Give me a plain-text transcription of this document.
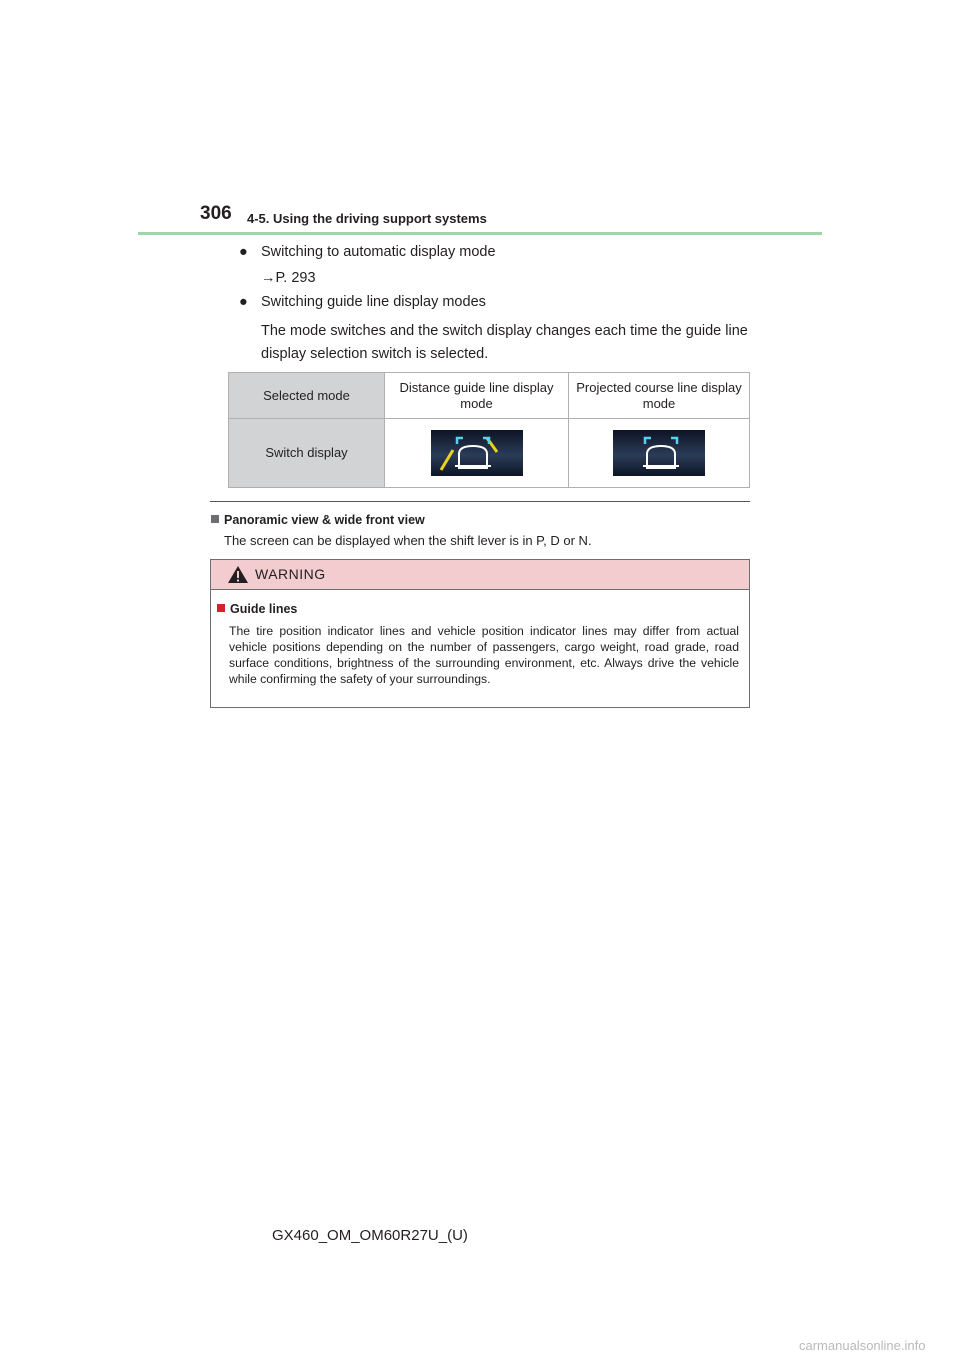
306 4-5. Using the driving support systems
● Switching to automatic display mode
→P. 293
● Switching guide line display modes
The mode switches and the switch display changes each time the guide line
display selection switch is selected.
Selected mode	Distance guide line display mode	Projected course line display mode

Switch display	

Panoramic view & wide front view
The screen can be displayed when the shift lever is in P, D or N.
WARNING
Guide lines
The tire position indicator lines and vehicle position indicator lines may differ from actual vehicle positions depending on the number of passengers, cargo weight, road grade, road surface conditions, brightness of the surrounding environment, etc. Always drive the vehicle while confirming the safety of your surroundings.
GX460_OM_OM60R27U_(U)
carmanualsonline.info
